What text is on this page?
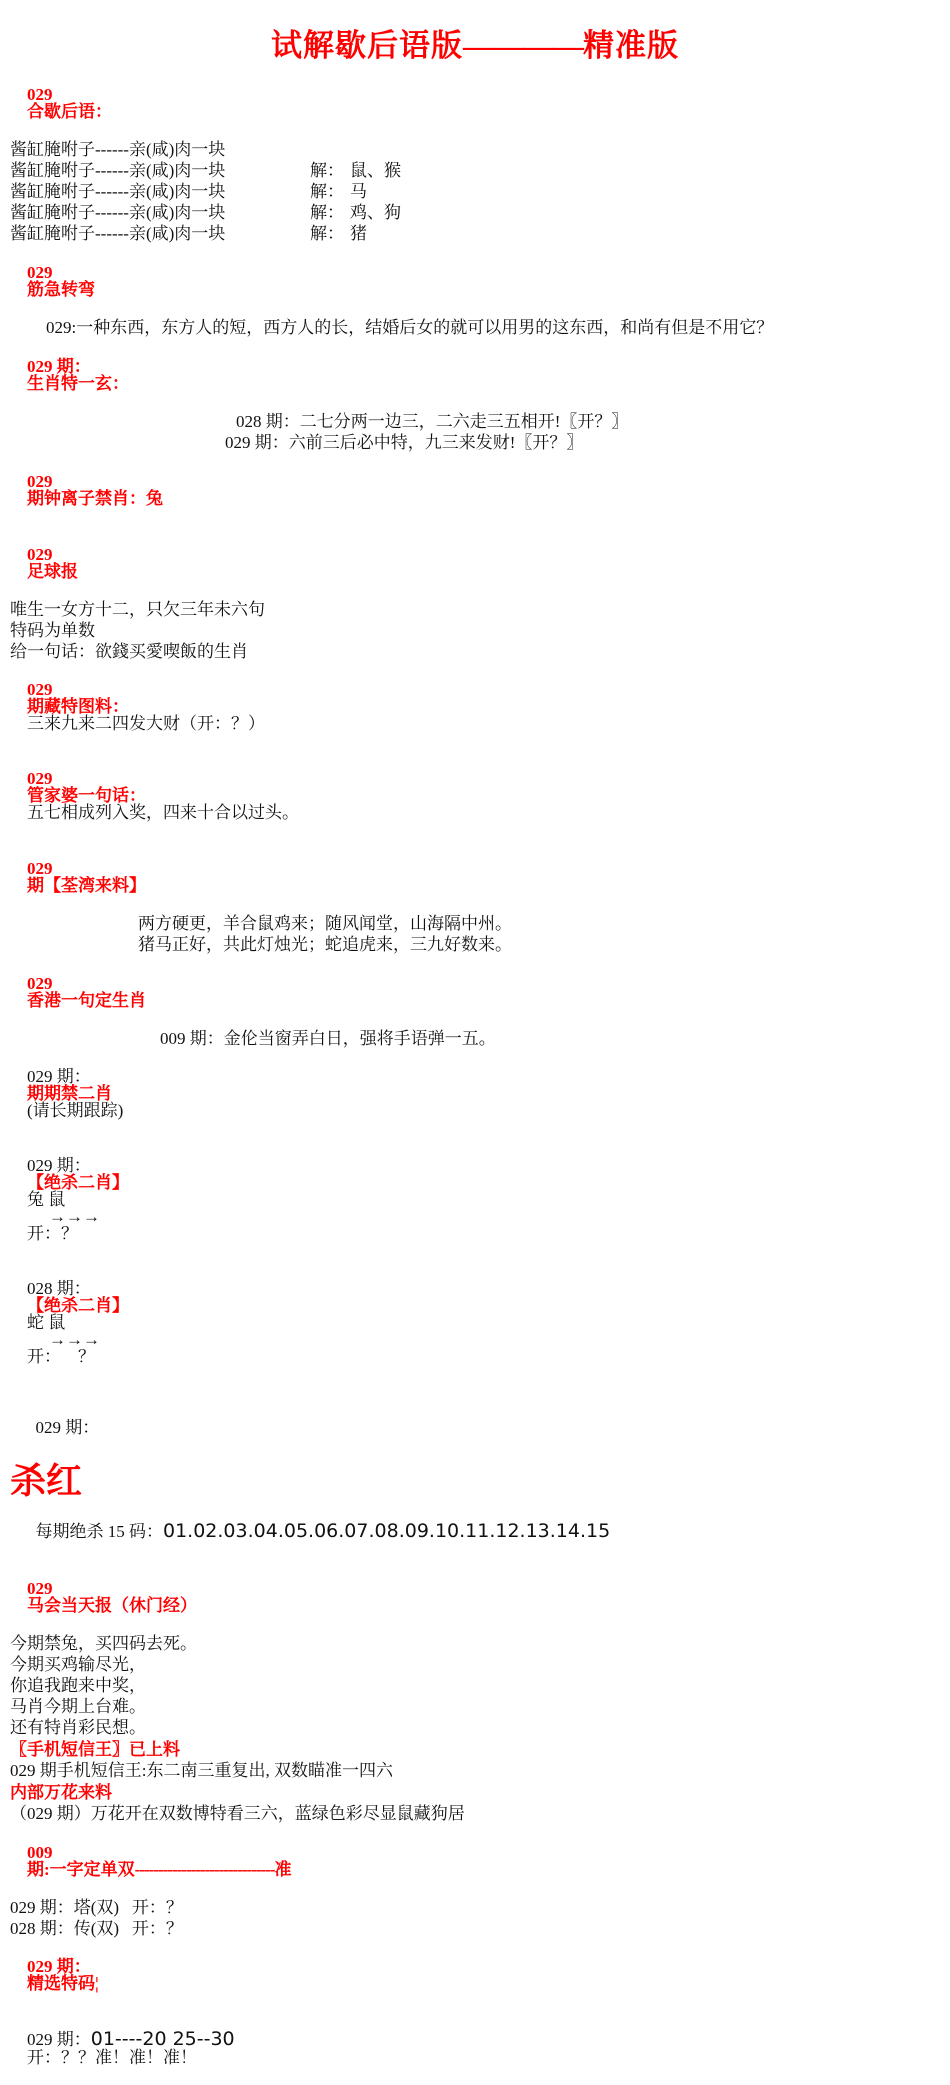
试解歇后语版————精准版

029
合歇后语：

酱缸腌咐子------亲(咸)肉一块
酱缸腌咐子------亲(咸)肉一块	解： 鼠、猴
酱缸腌咐子------亲(咸)肉一块	解： 马
酱缸腌咐子------亲(咸)肉一块	解： 鸡、狗
酱缸腌咐子------亲(咸)肉一块	解： 猪

029
筋急转弯

029:一种东西，东方人的短，西方人的长，结婚后女的就可以用男的这东西，和尚有但是不用它？

029 期：
生肖特一玄：

028 期：二七分两一边三，二六走三五相开!〖开？〗
029 期：六前三后必中特，九三来发财!〖开？〗

029
期钟离子禁肖：兔

029
足球报

唯生一女方十二，只欠三年未六句
特码为单数
给一句话：欲錢买愛喫飯的生肖

029
期藏特图料：
三来九来二四发大财（开：？）

029
管家婆一句话：
五七相成列入奖，四来十合以过头。

029
期【荃湾来料】

两方硬更，羊合鼠鸡来；随风闻堂，山海隔中州。
猪马正好，共此灯烛光；蛇追虎来，三九好数来。

029
香港一句定生肖

009 期：金伦当窗弄白日，强将手语弹一五。

029 期：
期期禁二肖
(请长期跟踪)

029 期：
【绝杀二肖】
兔 鼠
→→→
开：？

028 期：
【绝杀二肖】
蛇 鼠
→→→
开：    ？

029 期：

杀红

每期绝杀 15 码：01.02.03.04.05.06.07.08.09.10.11.12.13.14.15

029
马会当天报（休门经）

今期禁兔，买四码去死。
今期买鸡输尽光，
你追我跑来中奖，
马肖今期上台难。
还有特肖彩民想。
〖手机短信王〗已上料
029 期手机短信王:东二南三重复出, 双数瞄准一四六
内部万花来料
（029 期）万花开在双数博特看三六，蓝绿色彩尽显鼠藏狗居

009
期:一字定单双------------------------------准

029 期：塔(双)   开：？
028 期：传(双)   开：？

029 期：
精选特码¦

029 期：01----20 25--30
开：？？准！准！准！
